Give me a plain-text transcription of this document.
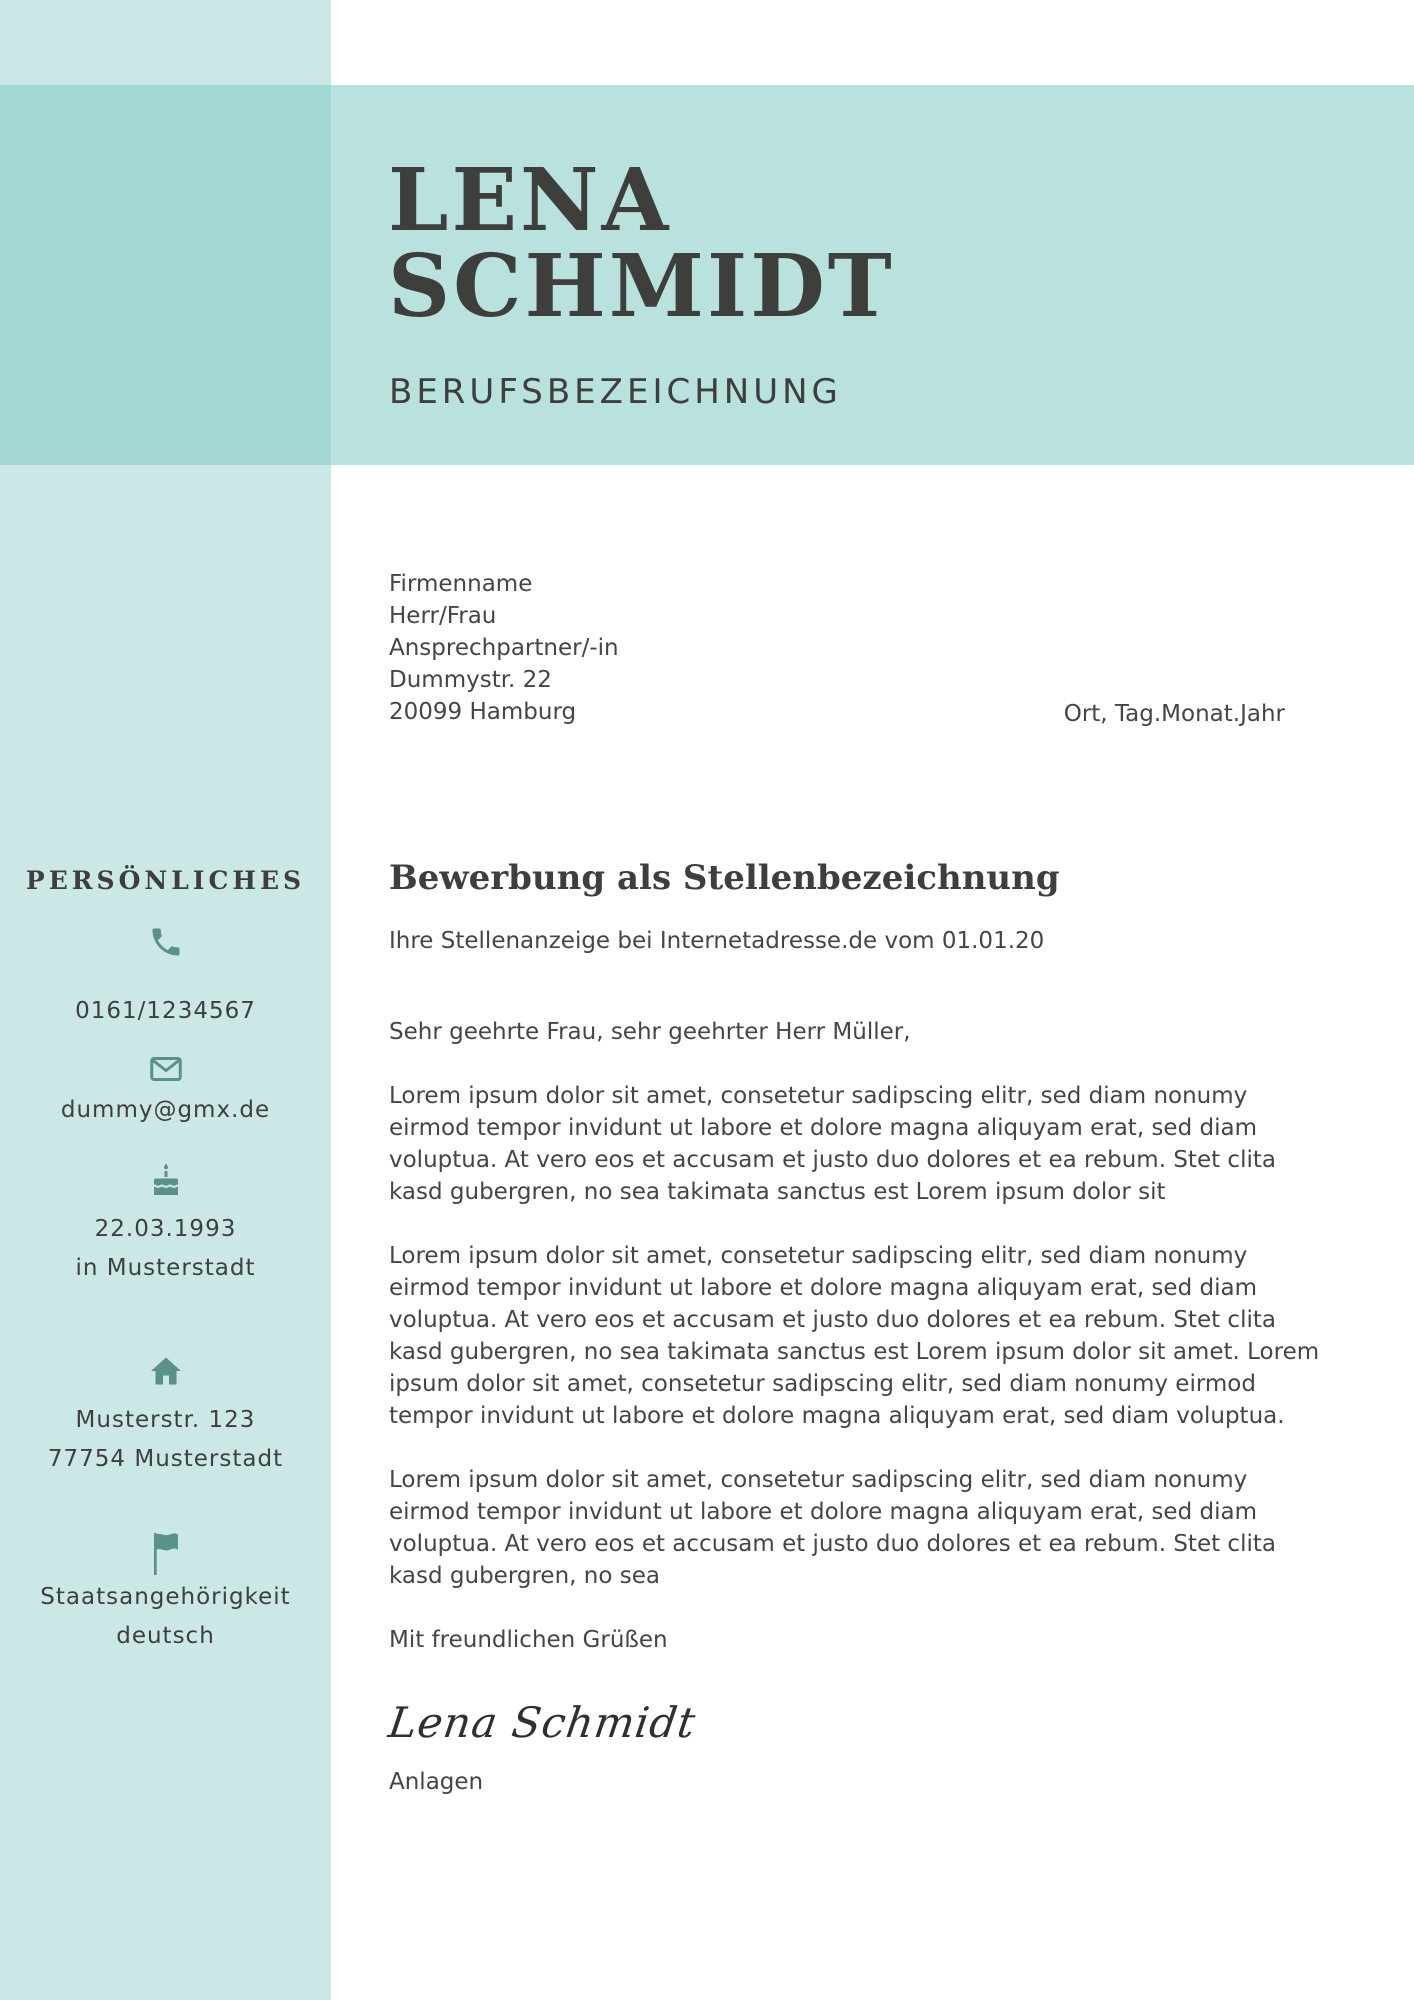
LENA
SCHMIDT

BERUFSBEZEICHNUNG

Firmenname
Herr/Frau
Ansprechpartner/-in
Dummystr. 22
20099 Hamburg	Ort, Tag.Monat.Jahr
Bewerbung als Stellenbezeichnung
Ihre Stellenanzeige bei Internetadresse.de vom 01.01.20

Sehr geehrte Frau, sehr geehrter Herr Müller,

Lorem ipsum dolor sit amet, consetetur sadipscing elitr, sed diam nonumy eirmod tempor invidunt ut labore et dolore magna aliquyam erat, sed diam voluptua. At vero eos et accusam et justo duo dolores et ea rebum. Stet clita kasd gubergren, no sea takimata sanctus est Lorem ipsum dolor sit

Lorem ipsum dolor sit amet, consetetur sadipscing elitr, sed diam nonumy eirmod tempor invidunt ut labore et dolore magna aliquyam erat, sed diam voluptua. At vero eos et accusam et justo duo dolores et ea rebum. Stet clita kasd gubergren, no sea takimata sanctus est Lorem ipsum dolor sit amet. Lorem ipsum dolor sit amet, consetetur sadipscing elitr, sed diam nonumy eirmod tempor invidunt ut labore et dolore magna aliquyam erat, sed diam voluptua.

Lorem ipsum dolor sit amet, consetetur sadipscing elitr, sed diam nonumy eirmod tempor invidunt ut labore et dolore magna aliquyam erat, sed diam voluptua. At vero eos et accusam et justo duo dolores et ea rebum. Stet clita kasd gubergren, no sea

Mit freundlichen Grüßen

Lena Schmidt

Anlagen

PERSÖNLICHES
0161/1234567
dummy@gmx.de
22.03.1993
in Musterstadt
Musterstr. 123
77754 Musterstadt
Staatsangehörigkeit
deutsch
